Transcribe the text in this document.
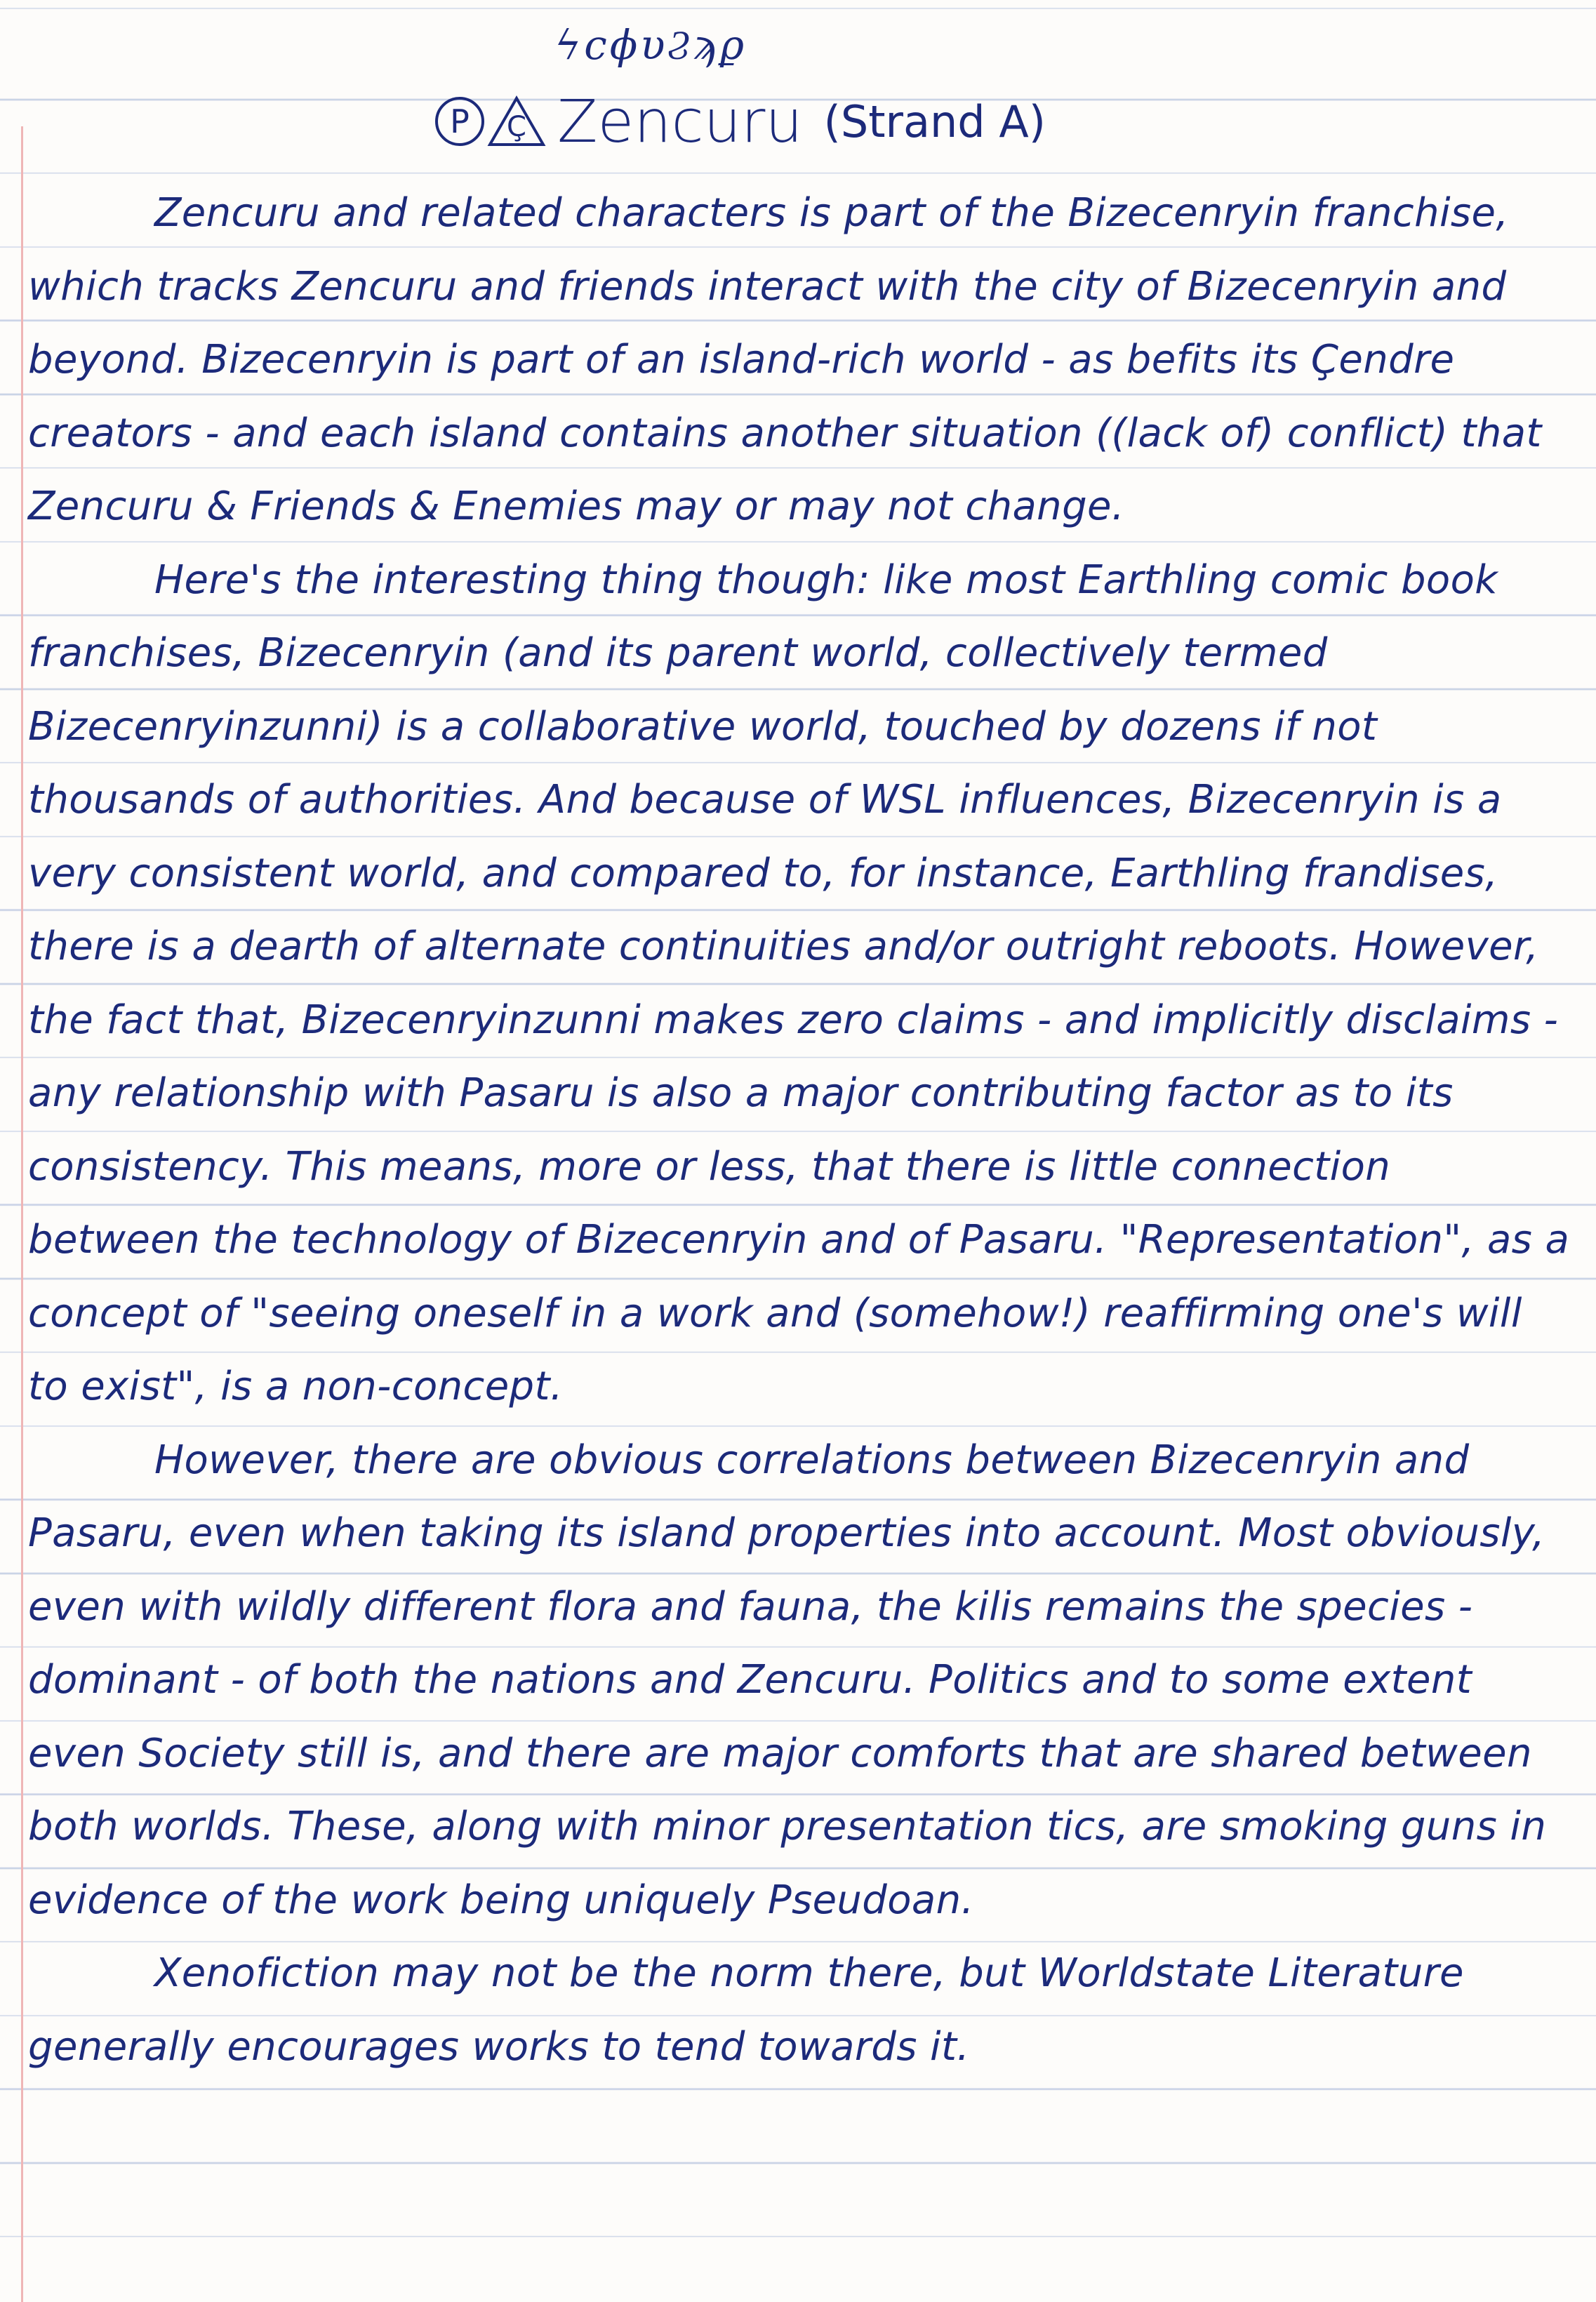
ϟϲϕυϨϡϼ
P	Ç Zencuru (Strand A)

Zencuru and related characters is part of the Bizecenryin franchise, which tracks Zencuru and friends interact with the city of Bizecenryin and beyond. Bizecenryin is part of an island-rich world - as befits its Çendre creators - and each island contains another situation ((lack of) conflict) that Zencuru & Friends & Enemies may or may not change.

Here's the interesting thing though: like most Earthling comic book franchises, Bizecenryin (and its parent world, collectively termed Bizecenryinzunni) is a collaborative world, touched by dozens if not thousands of authorities. And because of WSL influences, Bizecenryin is a very consistent world, and compared to, for instance, Earthling frandises, there is a dearth of alternate continuities and/or outright reboots. However, the fact that, Bizecenryinzunni makes zero claims - and implicitly disclaims - any relationship with Pasaru is also a major contributing factor as to its consistency. This means, more or less, that there is little connection between the technology of Bizecenryin and of Pasaru. "Representation", as a concept of "seeing oneself in a work and (somehow!) reaffirming one's will to exist", is a non-concept.

However, there are obvious correlations between Bizecenryin and Pasaru, even when taking its island properties into account. Most obviously, even with wildly different flora and fauna, the kilis remains the species - dominant - of both the nations and Zencuru. Politics and to some extent even Society still is, and there are major comforts that are shared between both worlds. These, along with minor presentation tics, are smoking guns in evidence of the work being uniquely Pseudoan.

Xenofiction may not be the norm there, but Worldstate Literature generally encourages works to tend towards it.
